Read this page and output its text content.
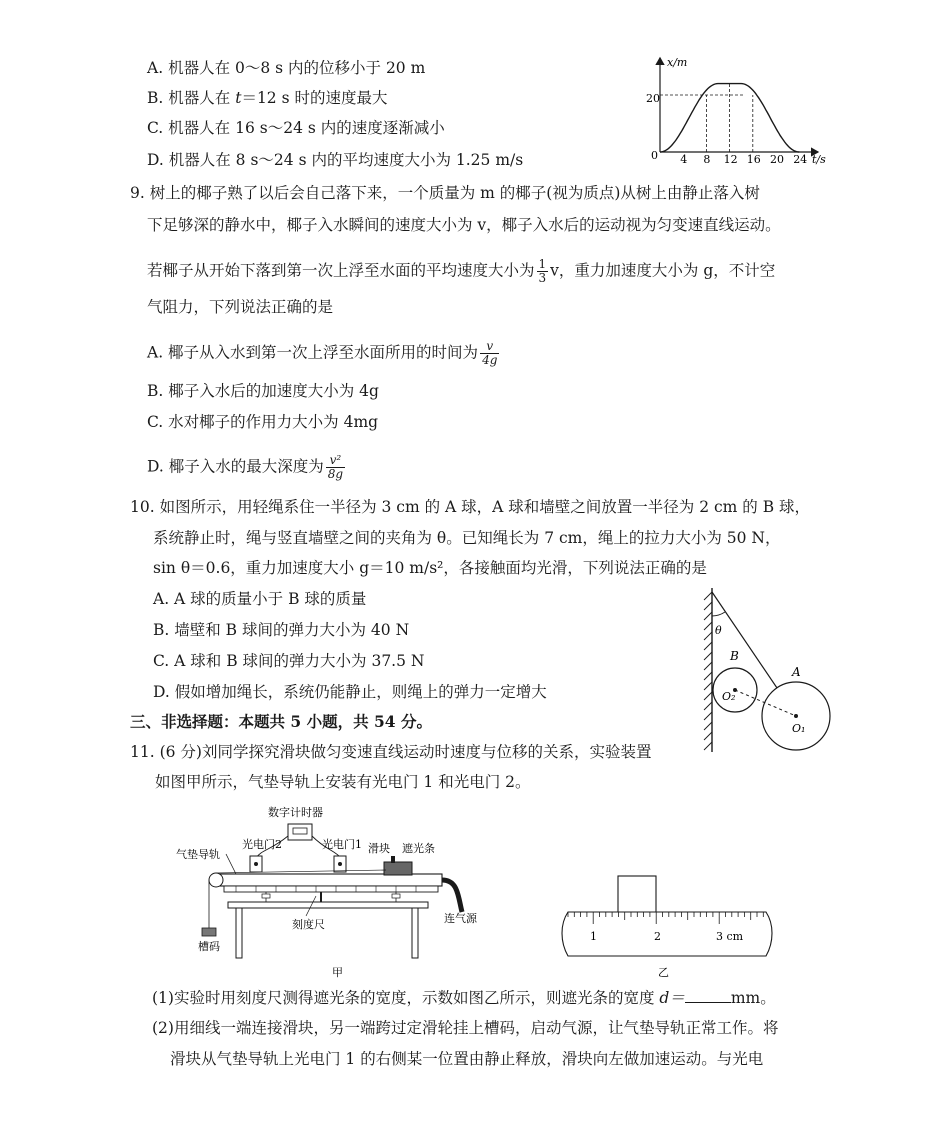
A. 机器人在 0～8 s 内的位移小于 20 m
B. 机器人在 t＝12 s 时的速度最大
C. 机器人在 16 s～24 s 内的速度逐渐减小
D. 机器人在 8 s～24 s 内的平均速度大小为 1.25 m/s	4 8 12 16 20 24
x/m
t/s
0
20
9. 树上的椰子熟了以后会自己落下来，一个质量为 m 的椰子(视为质点)从树上由静止落入树
下足够深的静水中，椰子入水瞬间的速度大小为 v，椰子入水后的运动视为匀变速直线运动。
若椰子从开始下落到第一次上浮至水面的平均速度大小为 $\frac{1}{3}$ v，重力加速度大小为 g，不计空
气阻力，下列说法正确的是
A. 椰子从入水到第一次上浮至水面所用的时间为 $\frac{v}{4g}$
B. 椰子入水后的加速度大小为 4g
C. 水对椰子的作用力大小为 4mg
D. 椰子入水的最大深度为 $\frac{\text{v²}}{8g}$
10. 如图所示，用轻绳系住一半径为 3 cm 的 A 球，A 球和墙壁之间放置一半径为 2 cm 的 B 球，
系统静止时，绳与竖直墙壁之间的夹角为 θ。已知绳长为 7 cm，绳上的拉力大小为 50 N，
sin θ＝0.6，重力加速度大小 g＝10 m/s²，各接触面均光滑，下列说法正确的是
A. A 球的质量小于 B 球的质量
B. 墙壁和 B 球间的弹力大小为 40 N
C. A 球和 B 球间的弹力大小为 37.5 N
D. 假如增加绳长，系统仍能静止，则绳上的弹力一定增大
θ
B
A
O₂
O₁
三、非选择题：本题共 5 小题，共 54 分。
11. (6 分)刘同学探究滑块做匀变速直线运动时速度与位移的关系，实验装置
如图甲所示，气垫导轨上安装有光电门 1 和光电门 2。
数字计时器
光电门2	光电门1
气垫导轨	滑块 遮光条
连气源
槽码
刻度尺
甲
1	2	3 cm
乙
(1)实验时用刻度尺测得遮光条的宽度，示数如图乙所示，则遮光条的宽度 d＝	mm。
(2)用细线一端连接滑块，另一端跨过定滑轮挂上槽码，启动气源，让气垫导轨正常工作。将
滑块从气垫导轨上光电门 1 的右侧某一位置由静止释放，滑块向左做加速运动。与光电
